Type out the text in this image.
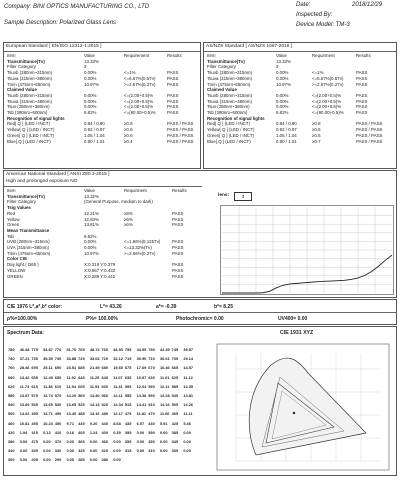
Company: BINI OPTICS MANUFACTURING CO., LTD
Sample Description: Polarized Glass Lens
Date:	2018/12/29
Inspected By:
Device Model: TM-3
European Standard [ EN/ISO 12312-1:2015 ]
Item	Value	Requirement	Results
Transmittance(Tv)	13.33%
Filter Category	3
Tsuvb (280nm~315nm)	0.00%	<=1%	PASS
Tsuva (315nm~380nm)	0.00%	<=6.67%(0.5Tv)	PASS
Tmin (475nm~650nm)	10.97%	>=2.67%(0.2Tv)	PASS
Claimed Value
Tsuvb (280nm~315nm)	0.00%	<=(2.00+0.5)%	PASS
Tsuva (315nm~380nm)	0.00%	<=(2.00+0.5)%	PASS
Tsuv (280nm~380nm)	0.00%	<=(2.00+0.5)%	PASS
Tsb (380nm~500nm)	9.82%	<=(90.00+0.5)%	PASS
Recognition of signal lights
Red[ Q ] (LED / INCT)	0.84 / 0.90	≥0.8	PASS / PASS
Yellow[ Q ] (LED / INCT)	0.92 / 0.97	≥0.6	PASS / PASS
Green[ Q ] (LED / INCT)	1.05 / 1.04	≥0.6	PASS / PASS
Blue[ Q ] (LED / INCT)	0.90 / 1.01	≥0.4	PASS / PASS
AS/NZS Standard [ AS/NZS 1067-2016 ]
Item	Value	Requirment	Results
Transmittance(Tv)	13.33%
Filter Category	3
Tsuvb (280nm~315nm)	0.00%	<=1%	PASS
Tsuva (315nm~380nm)	0.00%	<=6.67%(0.5Tv)	PASS
Tmin (475nm~650nm)	10.97%	>=2.67%(0.2Tv)	PASS
Claimed Value
Tsuvb (280nm~315nm)	0.00%	<=(2.00+0.5)%	PASS
Tsuva (315nm~380nm)	0.00%	<=(2.00+0.5)%	PASS
Tsuv (280nm~380nm)	0.00%	<=(2.00+0.5)%	PASS
Tsb (380nm~500nm)	9.82%	<=(90.00+0.5)%	PASS
Recognition of signal lights
Red[ Q ] (LED / INCT)	0.84 / 0.90	≥0.8	PASS / PASS
Yellow[ Q ] (LED / INCT)	0.92 / 0.97	≥0.6	PASS / PASS
Green[ Q ] (LED / INCT)	1.05 / 1.04	≥0.6	PASS / PASS
Blue[ Q ] (LED / INCT)	0.90 / 1.01	≥0.7	PASS / PASS
American National Standard [ ANSI Z80.3-2015 ]
High and prolonged exposure NO
Item	Value	Requirment	Results
Transmittance(Tv)	13.32%
Filter Category	(General Purpose, medium to dark)
Tsig Values
Red	12.21%	≥8%	PASS
Yellow	12.83%	≥6%	PASS
Green	13.81%	≥6%	PASS
Mean Transmittance
Tsb	9.82%
UVB (280nm~315nm)	0.00%	<=1.66%(0.125Tv)	PASS
UVA (315nm~380nm)	0.00%	<=13.32%(Tv)	PASS
Tmin (475nm~650nm)	10.97%	>=2.66%(0.2Tv)	PASS
Color CIE
Day light ( D65 )	X:0.319 Y:0.379	PASS
YELLOW	X:0.567 Y:0.432	PASS
GREEN	X:0.289 Y:0.442	PASS
lens:	3
CIE 1976 L*,a*,b* color:	L*= 43.26	a*= -0.39	b*= 8.25
ρ%=100.00%	P%= 100.00%	Photochromic= 0.00	UV400= 0.00
Spectrum Data:
780 46.48 775 54.87 770 51.70 765 48.74 760 46.93 755 44.95 750 42.49 745 39.57
740 37.21 735 35.35 730 33.88 725 33.04 720 32.12 715 30.90 710 30.61 705 29.14
700 28.46 695 25.11 690 23.51 685 21.49 680 19.65 675 17.69 670 16.46 665 14.57
660 13.42 655 12.49 650 11.92 645 11.25 640 11.07 635 10.97 630 11.01 625 11.12
620 11.74 615 11.38 610 11.94 605 11.93 600 11.41 595 12.04 590 12.11 585 12.05
580 13.87 575 13.74 570 14.20 565 14.40 560 14.11 555 14.38 550 14.28 545 13.81
540 13.69 535 13.69 530 13.65 525 14.13 520 14.34 515 14.41 510 14.16 505 14.26
500 14.02 495 13.71 490 13.40 485 13.16 480 12.17 475 11.81 470 11.66 465 11.11
460 10.81 455 10.23 450 9.71 445 9.20 440 8.68 435 6.97 430 5.91 425 5.46
420 1.94 415 0.13 410 0.16 405 1.24 400 0.35 395 0.00 390 0.00 385 0.00
380 0.00 375 0.00 370 0.00 365 0.00 360 0.00 355 0.00 350 0.00 345 0.00
340 0.00 335 0.00 330 0.00 325 0.00 320 0.00 315 0.00 310 0.00 305 0.00
300 0.00 295 0.00 290 0.00 285 0.00 280 0.00
CIE 1931 XYZ
